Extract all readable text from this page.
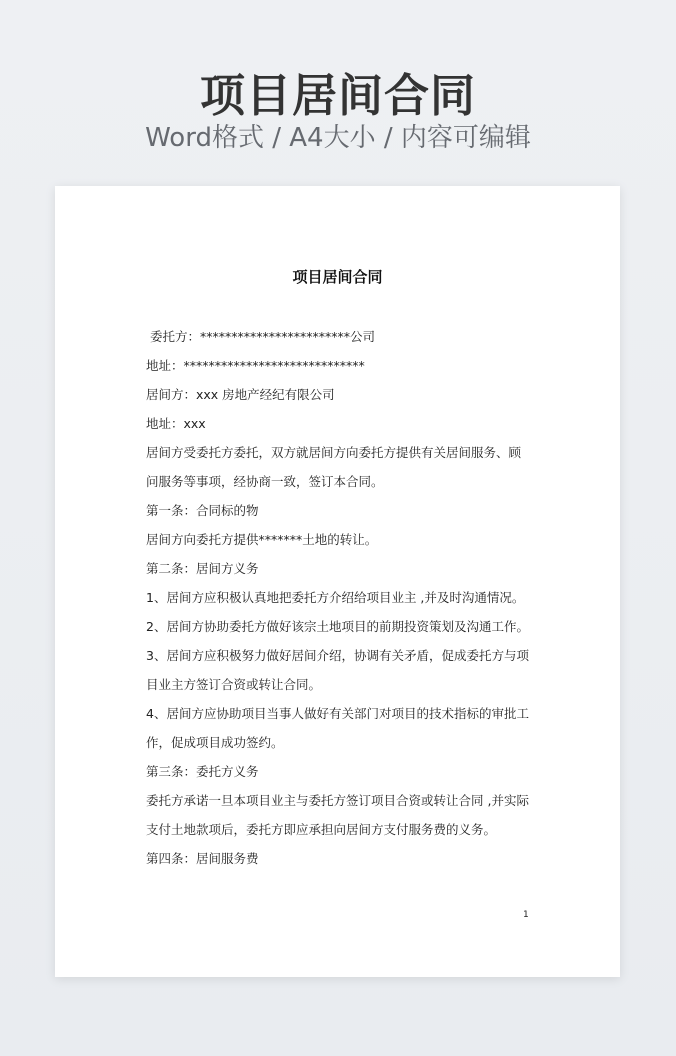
项目居间合同
Word格式 / A4大小 / 内容可编辑
项目居间合同

委托方：************************公司

地址：*****************************

居间方：xxx 房地产经纪有限公司

地址：xxx

居间方受委托方委托，双方就居间方向委托方提供有关居间服务、顾问服务等事项，经协商一致，签订本合同。

第一条：合同标的物

居间方向委托方提供*******土地的转让。

第二条：居间方义务

1、居间方应积极认真地把委托方介绍给项目业主 ,并及时沟通情况。

2、居间方协助委托方做好该宗土地项目的前期投资策划及沟通工作。

3、居间方应积极努力做好居间介绍，协调有关矛盾，促成委托方与项目业主方签订合资或转让合同。

4、居间方应协助项目当事人做好有关部门对项目的技术指标的审批工作，促成项目成功签约。

第三条：委托方义务

委托方承诺一旦本项目业主与委托方签订项目合资或转让合同 ,并实际支付土地款项后，委托方即应承担向居间方支付服务费的义务。

第四条：居间服务费

1
